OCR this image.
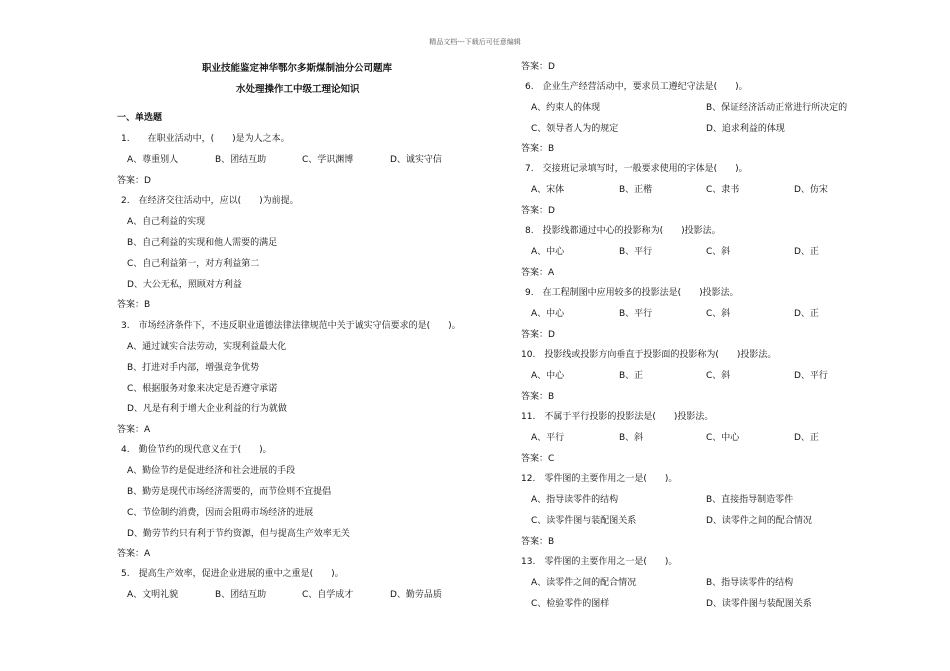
精品文档---下载后可任意编辑
职业技能鉴定神华鄂尔多斯煤制油分公司题库
水处理操作工中级工理论知识
一、单选题
1.　　在职业活动中，(　　)是为人之本。
A、尊重别人	B、团结互助	C、学识渊博	D、诚实守信
答案：D
2.　在经济交往活动中，应以(　　)为前提。
A、自己利益的实现
B、自己利益的实现和他人需要的满足
C、自己利益第一，对方利益第二
D、大公无私，照顾对方利益
答案：B
3.　市场经济条件下，不违反职业道德法律法律规范中关于诚实守信要求的是(　　)。
A、通过诚实合法劳动，实现利益最大化
B、打进对手内部，增强竞争优势
C、根据服务对象来决定是否遵守承诺
D、凡是有利于增大企业利益的行为就做
答案：A
4.　勤俭节约的现代意义在于(　　)。
A、勤俭节约是促进经济和社会进展的手段
B、勤劳是现代市场经济需要的，而节俭则不宜提倡
C、节俭制约消费，因而会阻碍市场经济的进展
D、勤劳节约只有利于节约资源，但与提高生产效率无关
答案：A
5.　提高生产效率，促进企业进展的重中之重是(　　)。
A、文明礼貌	B、团结互助	C、自学成才	D、勤劳品质
答案：D
6.　企业生产经营活动中，要求员工遵纪守法是(　　)。
A、约束人的体现	B、保证经济活动正常进行所决定的
C、领导者人为的规定	D、追求利益的体现
答案：B
7.　交接班记录填写时，一般要求使用的字体是(　　)。
A、宋体	B、正楷	C、隶书	D、仿宋
答案：D
8.　投影线都通过中心的投影称为(　　)投影法。
A、中心	B、平行	C、斜	D、正
答案：A
9.　在工程制图中应用较多的投影法是(　　)投影法。
A、中心	B、平行	C、斜	D、正
答案：D
10.　投影线或投影方向垂直于投影面的投影称为(　　)投影法。
A、中心	B、正	C、斜	D、平行
答案：B
11.　不属于平行投影的投影法是(　　)投影法。
A、平行	B、斜	C、中心	D、正
答案：C
12.　零件图的主要作用之一是(　　)。
A、指导读零件的结构	B、直接指导制造零件
C、读零件图与装配图关系	D、读零件之间的配合情况
答案：B
13.　零件图的主要作用之一是(　　)。
A、读零件之间的配合情况	B、指导读零件的结构
C、检验零件的图样	D、读零件图与装配图关系
